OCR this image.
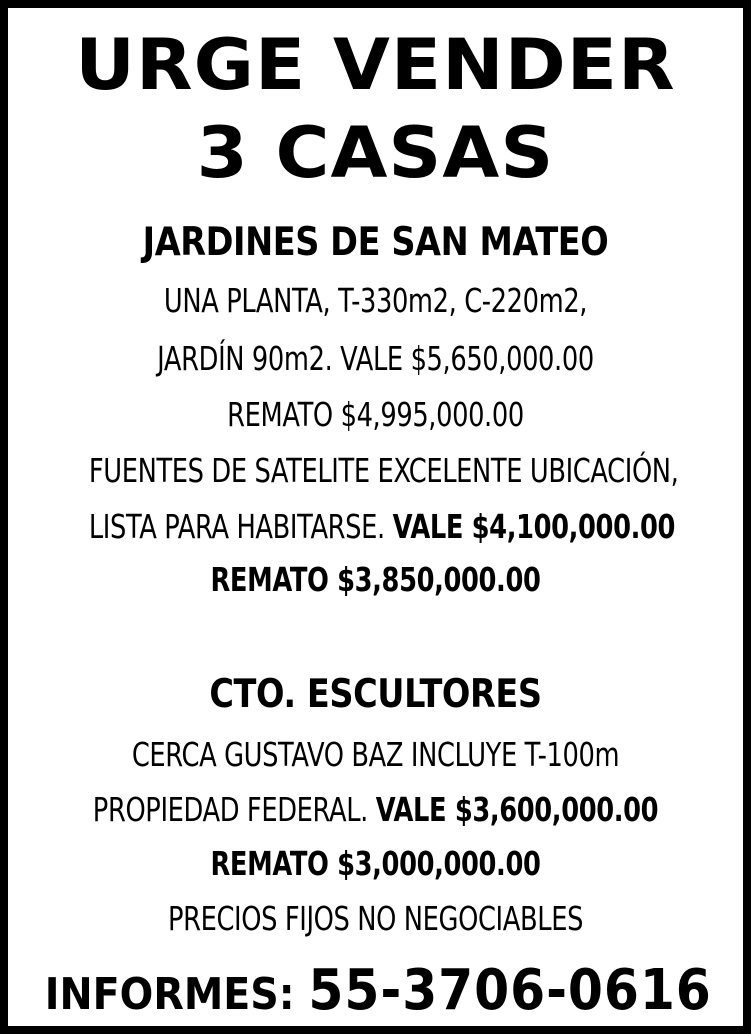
URGE VENDER
3 CASAS
JARDINES DE SAN MATEO
UNA PLANTA, T-330m2, C-220m2,
JARDÍN 90m2. VALE $5,650,000.00
REMATO $4,995,000.00
FUENTES DE SATELITE EXCELENTE UBICACIÓN,
LISTA PARA HABITARSE. VALE $4,100,000.00
REMATO $3,850,000.00
CTO. ESCULTORES
CERCA GUSTAVO BAZ INCLUYE T-100m
PROPIEDAD FEDERAL. VALE $3,600,000.00
REMATO $3,000,000.00
PRECIOS FIJOS NO NEGOCIABLES
INFORMES: 55-3706-0616
